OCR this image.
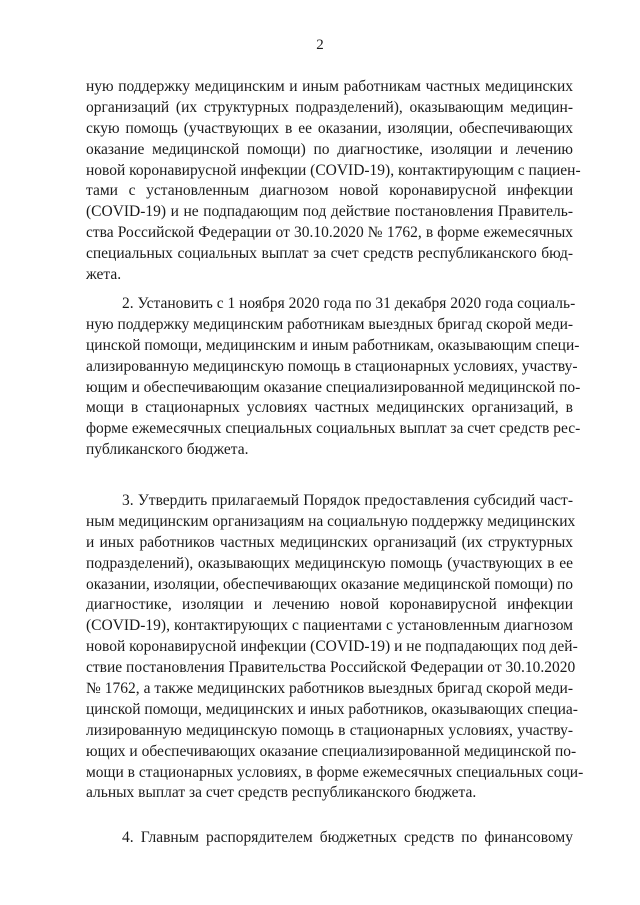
2
ную поддержку медицинским и иным работникам частных медицинских
организаций (их структурных подразделений), оказывающим медицин-
скую помощь (участвующих в ее оказании, изоляции, обеспечивающих
оказание медицинской помощи) по диагностике, изоляции и лечению
новой коронавирусной инфекции (COVID-19), контактирующим с пациен-
тами с установленным диагнозом новой коронавирусной инфекции
(COVID-19) и не подпадающим под действие постановления Правитель-
ства Российской Федерации от 30.10.2020 № 1762, в форме ежемесячных
специальных социальных выплат за счет средств республиканского бюд-
жета.
2. Установить с 1 ноября 2020 года по 31 декабря 2020 года социаль-
ную поддержку медицинским работникам выездных бригад скорой меди-
цинской помощи, медицинским и иным работникам, оказывающим специ-
ализированную медицинскую помощь в стационарных условиях, участву-
ющим и обеспечивающим оказание специализированной медицинской по-
мощи в стационарных условиях частных медицинских организаций, в
форме ежемесячных специальных социальных выплат за счет средств рес-
публиканского бюджета.
3. Утвердить прилагаемый Порядок предоставления субсидий част-
ным медицинским организациям на социальную поддержку медицинских
и иных работников частных медицинских организаций (их структурных
подразделений), оказывающих медицинскую помощь (участвующих в ее
оказании, изоляции, обеспечивающих оказание медицинской помощи) по
диагностике, изоляции и лечению новой коронавирусной инфекции
(COVID-19), контактирующих с пациентами с установленным диагнозом
новой коронавирусной инфекции (COVID-19) и не подпадающих под дей-
ствие постановления Правительства Российской Федерации от 30.10.2020
№ 1762, а также медицинских работников выездных бригад скорой меди-
цинской помощи, медицинских и иных работников, оказывающих специа-
лизированную медицинскую помощь в стационарных условиях, участву-
ющих и обеспечивающих оказание специализированной медицинской по-
мощи в стационарных условиях, в форме ежемесячных специальных соци-
альных выплат за счет средств республиканского бюджета.
4. Главным распорядителем бюджетных средств по финансовому
